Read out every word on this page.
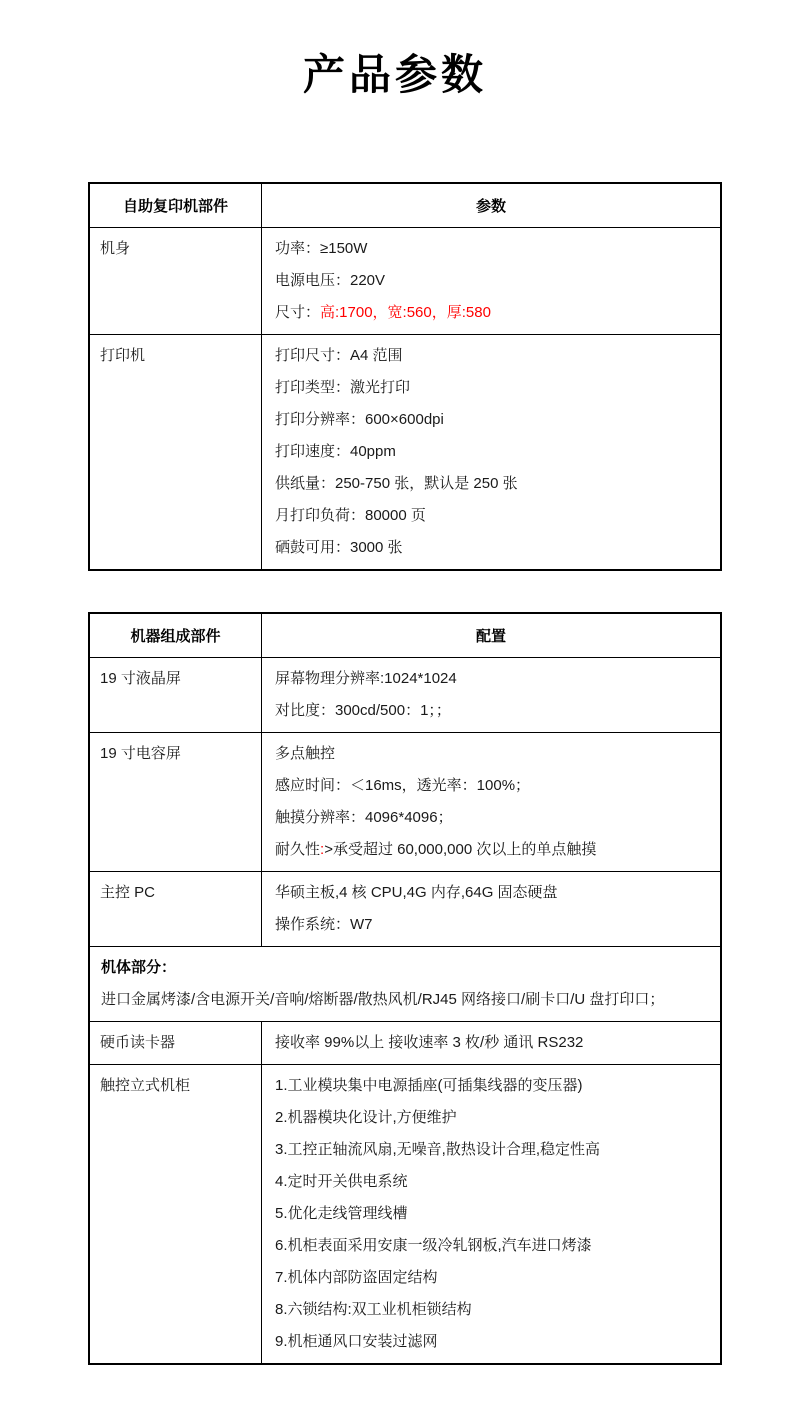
产品参数
自助复印机部件	参数
机身	功率：≥150W
电源电压：220V
尺寸：高:1700，宽:560，厚:580
打印机	打印尺寸：A4 范围
打印类型：激光打印
打印分辨率：600×600dpi
打印速度：40ppm
供纸量：250-750 张，默认是 250 张
月打印负荷：80000 页
硒鼓可用：3000 张
机器组成部件	配置
19 寸液晶屏	屏幕物理分辨率:1024*1024
对比度：300cd/500：1；；
19 寸电容屏	多点触控
感应时间：＜16ms，透光率：100%；
触摸分辨率：4096*4096；
耐久性:>承受超过 60,000,000 次以上的单点触摸
主控 PC	华硕主板,4 核 CPU,4G 内存,64G 固态硬盘
操作系统：W7
机体部分：
进口金属烤漆/含电源开关/音响/熔断器/散热风机/RJ45 网络接口/刷卡口/U 盘打印口；
硬币读卡器	接收率 99%以上 接收速率 3 枚/秒 通讯 RS232
触控立式机柜	1.工业模块集中电源插座(可插集线器的变压器)
2.机器模块化设计,方便维护
3.工控正轴流风扇,无噪音,散热设计合理,稳定性高
4.定时开关供电系统
5.优化走线管理线槽
6.机柜表面采用安康一级冷轧钢板,汽车进口烤漆
7.机体内部防盗固定结构
8.六锁结构:双工业机柜锁结构
9.机柜通风口安装过滤网
